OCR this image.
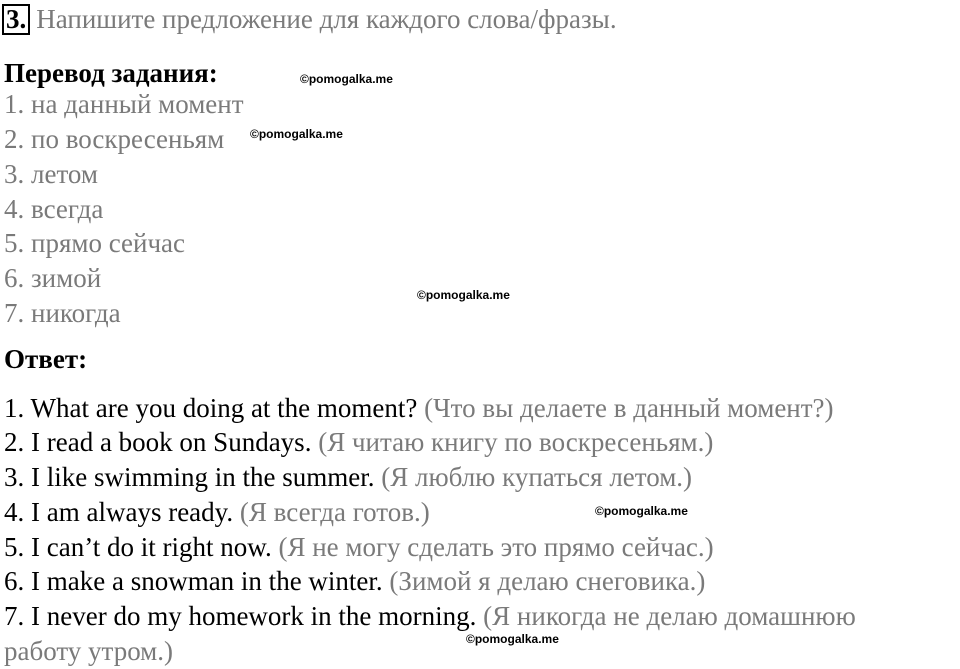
3. Напишите предложение для каждого слова/фразы.
Перевод задания:
1. на данный момент
2. по воскресеньям
3. летом
4. всегда
5. прямо сейчас
6. зимой
7. никогда
Ответ:
1. What are you doing at the moment? (Что вы делаете в данный момент?)
2. I read a book on Sundays. (Я читаю книгу по воскресеньям.)
3. I like swimming in the summer. (Я люблю купаться летом.)
4. I am always ready. (Я всегда готов.)
5. I can’t do it right now. (Я не могу сделать это прямо сейчас.)
6. I make a snowman in the winter. (Зимой я делаю снеговика.)
7. I never do my homework in the morning. (Я никогда не делаю домашнюю
работу утром.)
©pomogalka.me
©pomogalka.me
©pomogalka.me
©pomogalka.me
©pomogalka.me
